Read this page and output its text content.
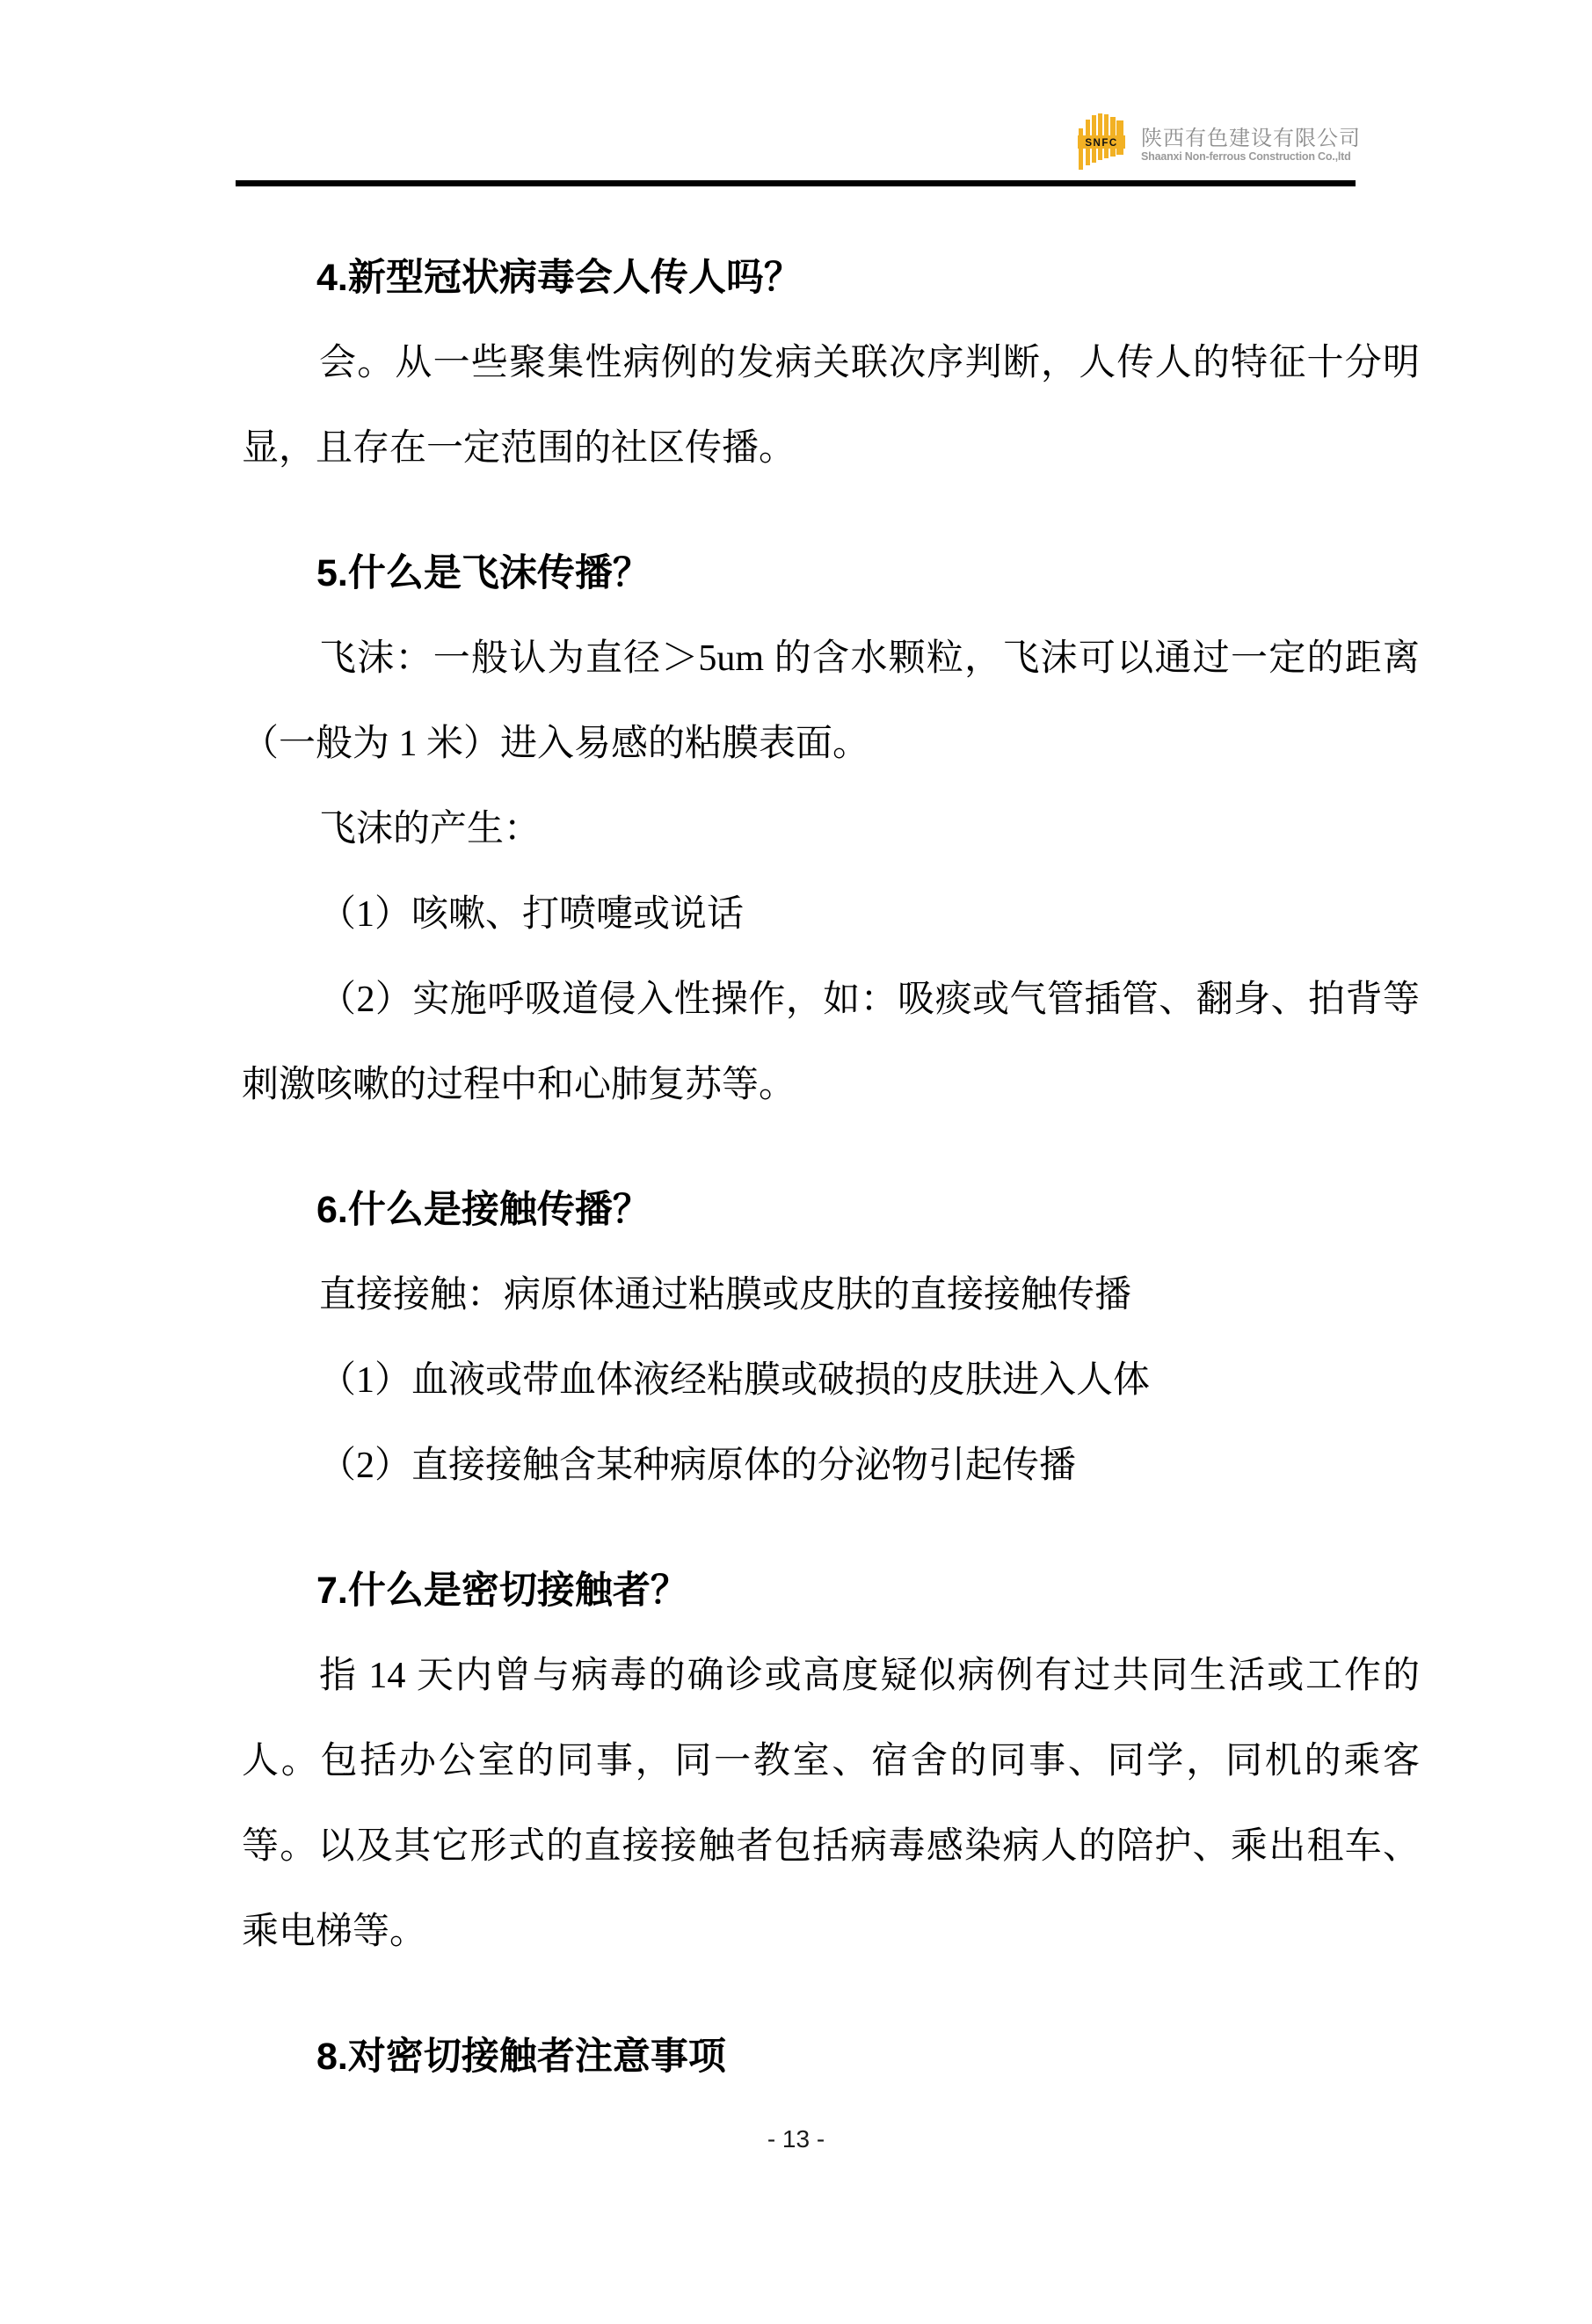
SNFC 陕西有色建设有限公司
Shaanxi Non-ferrous Construction Co.,ltd
4.新型冠状病毒会人传人吗？

会。从一些聚集性病例的发病关联次序判断，人传人的特征十分明显，且存在一定范围的社区传播。

5.什么是飞沫传播？

飞沫：一般认为直径＞5um 的含水颗粒，飞沫可以通过一定的距离（一般为 1 米）进入易感的粘膜表面。

飞沫的产生：

（1）咳嗽、打喷嚏或说话

（2）实施呼吸道侵入性操作，如：吸痰或气管插管、翻身、拍背等刺激咳嗽的过程中和心肺复苏等。

6.什么是接触传播？

直接接触：病原体通过粘膜或皮肤的直接接触传播

（1）血液或带血体液经粘膜或破损的皮肤进入人体

（2）直接接触含某种病原体的分泌物引起传播

7.什么是密切接触者？

指 14 天内曾与病毒的确诊或高度疑似病例有过共同生活或工作的人。包括办公室的同事，同一教室、宿舍的同事、同学，同机的乘客等。以及其它形式的直接接触者包括病毒感染病人的陪护、乘出租车、乘电梯等。

8.对密切接触者注意事项
- 13 -
